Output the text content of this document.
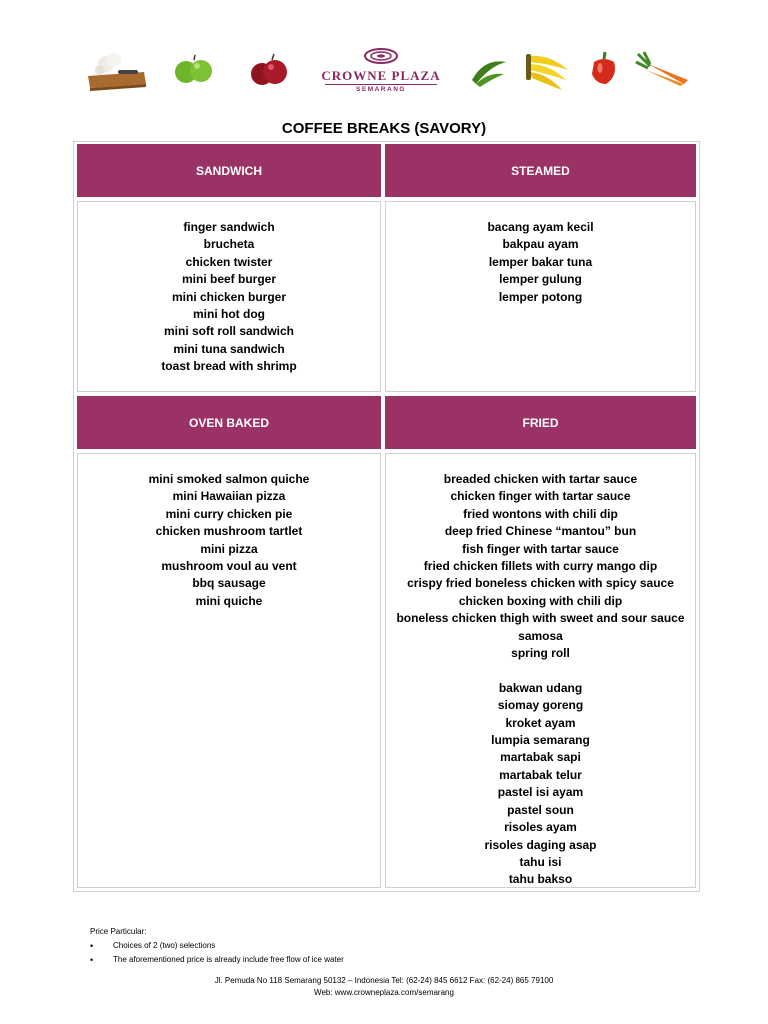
CROWNE PLAZA
SEMARANG
COFFEE BREAKS (SAVORY)
SANDWICH	STEAMED
finger sandwich
brucheta
chicken twister
mini beef burger
mini chicken burger
mini hot dog
mini soft roll sandwich
mini tuna sandwich
toast bread with shrimp
bacang ayam kecil
bakpau ayam
lemper bakar tuna
lemper gulung
lemper potong
OVEN BAKED	FRIED
mini smoked salmon quiche
mini Hawaiian pizza
mini curry chicken pie
chicken mushroom tartlet
mini pizza
mushroom voul au vent
bbq sausage
mini quiche
breaded chicken with tartar sauce
chicken finger with tartar sauce
fried wontons with chili dip
deep fried Chinese “mantou” bun
fish finger with tartar sauce
fried chicken fillets with curry mango dip
crispy fried boneless chicken with spicy sauce
chicken boxing with chili dip
boneless chicken thigh with sweet and sour sauce
samosa
spring roll
bakwan udang
siomay goreng
kroket ayam
lumpia semarang
martabak sapi
martabak telur
pastel isi ayam
pastel soun
risoles ayam
risoles daging asap
tahu isi
tahu bakso
Price Particular:
• Choices of 2 (two) selections
• The aforementioned price is already include free flow of ice water
Jl. Pemuda No 118 Semarang 50132 – Indonesia Tel: (62-24) 845 6612 Fax: (62-24) 865 79100
Web: www.crowneplaza.com/semarang
